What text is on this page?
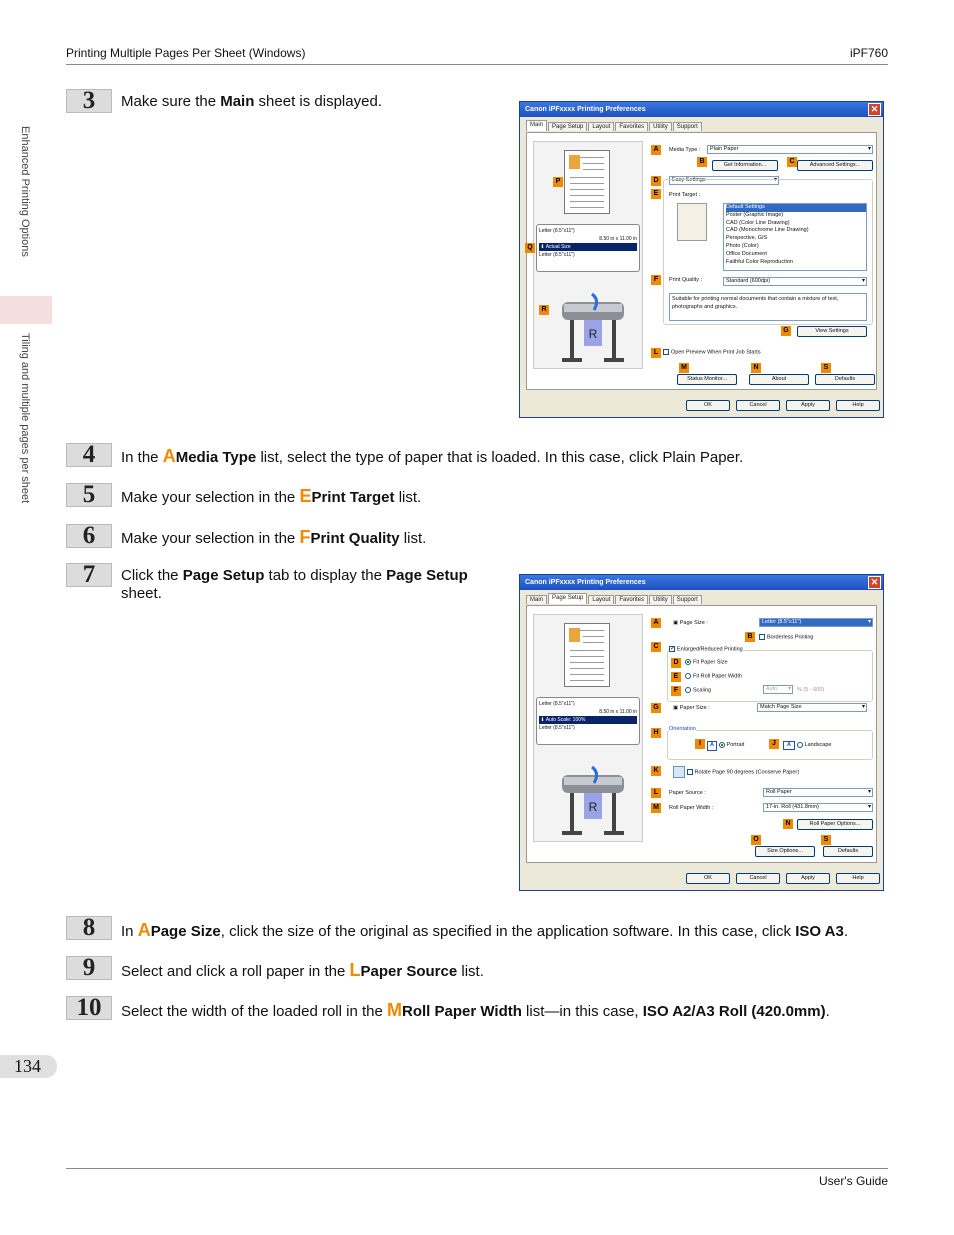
Printing Multiple Pages Per Sheet (Windows)	iPF760
Enhanced Printing Options
Tiling and multiple pages per sheet
134
User's Guide
3	Make sure the Main sheet is displayed.	Canon iPFxxxx Printing Preferences	✕
Main	Page Setup	Layout	Favorites	Utility	Support
Letter (8.5"x11")
8.50 in x 11.00 in
⬇ Actual Size
Letter (8.5"x11")
R
Media Type :	Plain Paper ▾
Get Information...	Advanced Settings...
Easy Settings ▾
Print Target :
Default Settings
Poster (Graphic Image)
CAD (Color Line Drawing)
CAD (Monochrome Line Drawing)
Perspective, GIS
Photo (Color)
Office Document
Faithful Color Reproduction
Print Quality :	Standard (600dpi) ▾
Suitable for printing normal documents that contain a mixture of text, photographs and graphics.
View Settings
Open Preview When Print Job Starts
Status Monitor...	About	Defaults
A
B	C
D
E
F
G
L
M	N	S
P
Q
R
OK	Cancel	Apply	Help
4	In the AMedia Type list, select the type of paper that is loaded. In this case, click Plain Paper.
5	Make your selection in the EPrint Target list.
6	Make your selection in the FPrint Quality list.
7	Click the Page Setup tab to display the Page Setup
sheet.
Canon iPFxxxx Printing Preferences	✕
Main	Page Setup	Layout	Favorites	Utility	Support
Letter (8.5"x11")
8.50 in x 11.00 in
⬇ Auto Scale: 100%
Letter (8.5"x11")
R
▣ Page Size :	Letter (8.5"x11") ▾
Borderless Printing
✓ Enlarged/Reduced Printing
Fit Paper Size
Fit Roll Paper Width
Scaling	Auto ▾	% (5 - 600)
▣ Paper Size :	Match Page Size ▾
Orientation
A Portrait	A Landscape
Rotate Page 90 degrees (Conserve Paper)
Paper Source :	Roll Paper ▾
Roll Paper Width :	17-in. Roll (431.8mm) ▾
Roll Paper Options...
Size Options...	Defaults
A
B
C
D
E
F
G
H
I	J
K
L
M
N
O	S
OK	Cancel	Apply	Help
8	In APage Size, click the size of the original as specified in the application software. In this case, click ISO A3.
9	Select and click a roll paper in the LPaper Source list.
10	Select the width of the loaded roll in the MRoll Paper Width list—in this case, ISO A2/A3 Roll (420.0mm).
